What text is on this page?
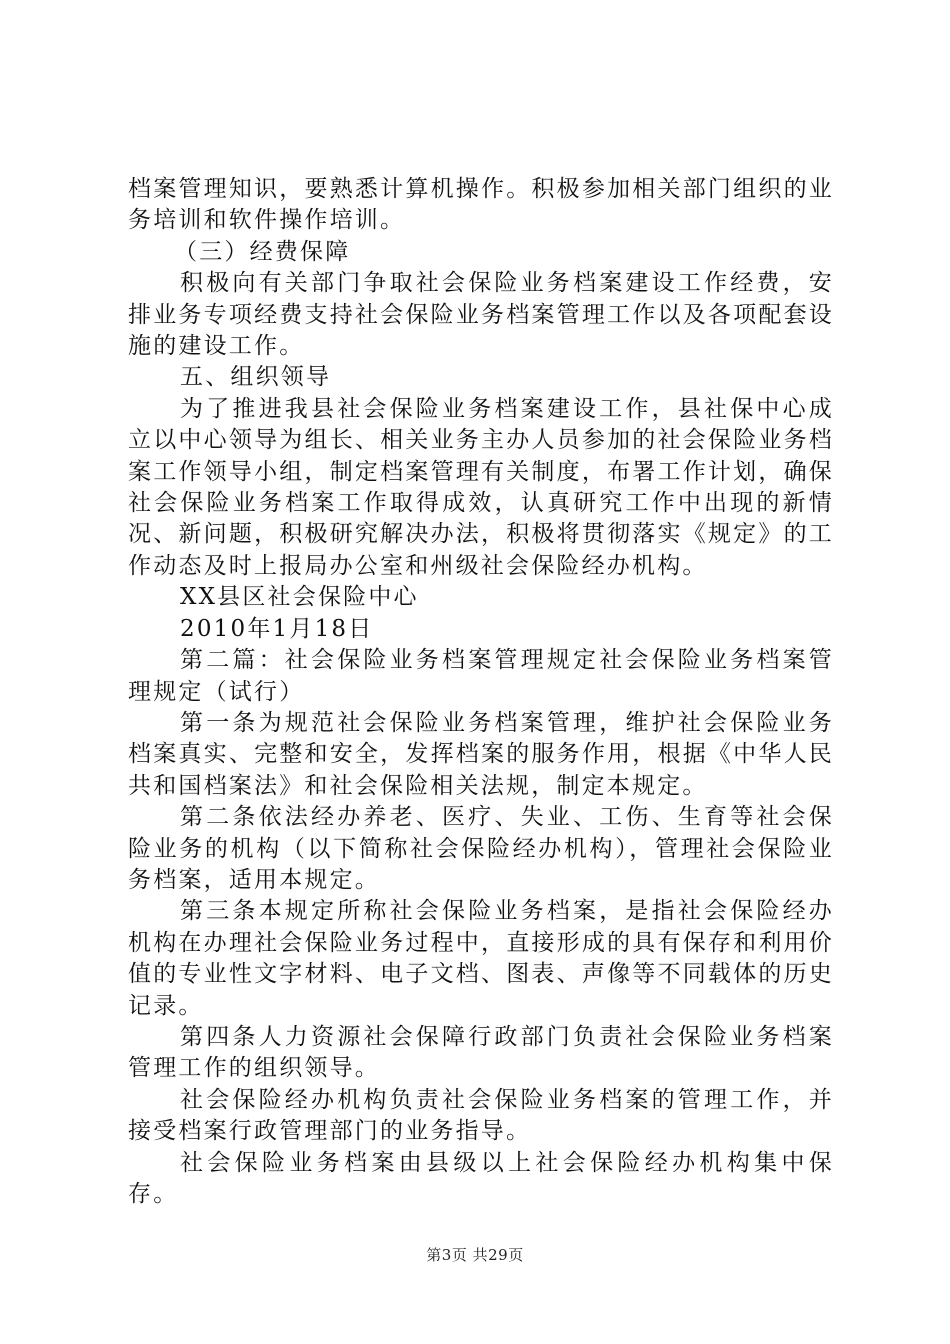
档案管理知识，要熟悉计算机操作。积极参加相关部门组织的业务培训和软件操作培训。

（三）经费保障

积极向有关部门争取社会保险业务档案建设工作经费，安排业务专项经费支持社会保险业务档案管理工作以及各项配套设施的建设工作。

五、组织领导

为了推进我县社会保险业务档案建设工作，县社保中心成立以中心领导为组长、相关业务主办人员参加的社会保险业务档案工作领导小组，制定档案管理有关制度，布署工作计划，确保社会保险业务档案工作取得成效，认真研究工作中出现的新情况、新问题，积极研究解决办法，积极将贯彻落实《规定》的工作动态及时上报局办公室和州级社会保险经办机构。

XX县区社会保险中心

2010年1月18日

第二篇：社会保险业务档案管理规定社会保险业务档案管理规定（试行）

第一条为规范社会保险业务档案管理，维护社会保险业务档案真实、完整和安全，发挥档案的服务作用，根据《中华人民共和国档案法》和社会保险相关法规，制定本规定。

第二条依法经办养老、医疗、失业、工伤、生育等社会保险业务的机构（以下简称社会保险经办机构），管理社会保险业务档案，适用本规定。

第三条本规定所称社会保险业务档案，是指社会保险经办机构在办理社会保险业务过程中，直接形成的具有保存和利用价值的专业性文字材料、电子文档、图表、声像等不同载体的历史记录。

第四条人力资源社会保障行政部门负责社会保险业务档案管理工作的组织领导。

社会保险经办机构负责社会保险业务档案的管理工作，并接受档案行政管理部门的业务指导。

社会保险业务档案由县级以上社会保险经办机构集中保存。

第3页 共29页
